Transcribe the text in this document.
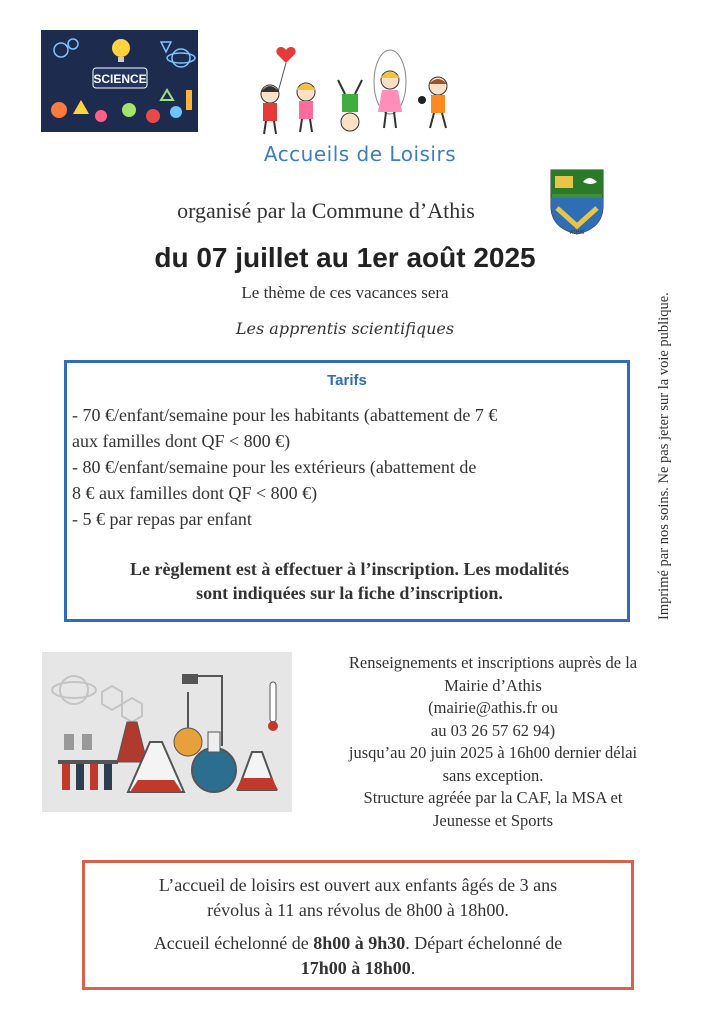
SCIENCE
Accueils de Loisirs
ATHIS
organisé par la Commune d’Athis
du 07 juillet au 1er août 2025
Le thème de ces vacances sera
Les apprentis scientifiques	Imprimé par nos soins. Ne pas jeter sur la voie publique.
Tarifs
- 70 €/enfant/semaine pour les habitants (abattement de 7 €
aux familles dont QF < 800 €)
- 80 €/enfant/semaine pour les extérieurs (abattement de
8 € aux familles dont QF < 800 €)
- 5 € par repas par enfant
Le règlement est à effectuer à l’inscription. Les modalités
sont indiquées sur la fiche d’inscription.
Renseignements et inscriptions auprès de la
Mairie d’Athis
(mairie@athis.fr ou
au 03 26 57 62 94)
jusqu’au 20 juin 2025 à 16h00 dernier délai
sans exception.
Structure agréée par la CAF, la MSA et
Jeunesse et Sports
L’accueil de loisirs est ouvert aux enfants âgés de 3 ans
révolus à 11 ans révolus de 8h00 à 18h00.
Accueil échelonné de 8h00 à 9h30. Départ échelonné de
17h00 à 18h00.
